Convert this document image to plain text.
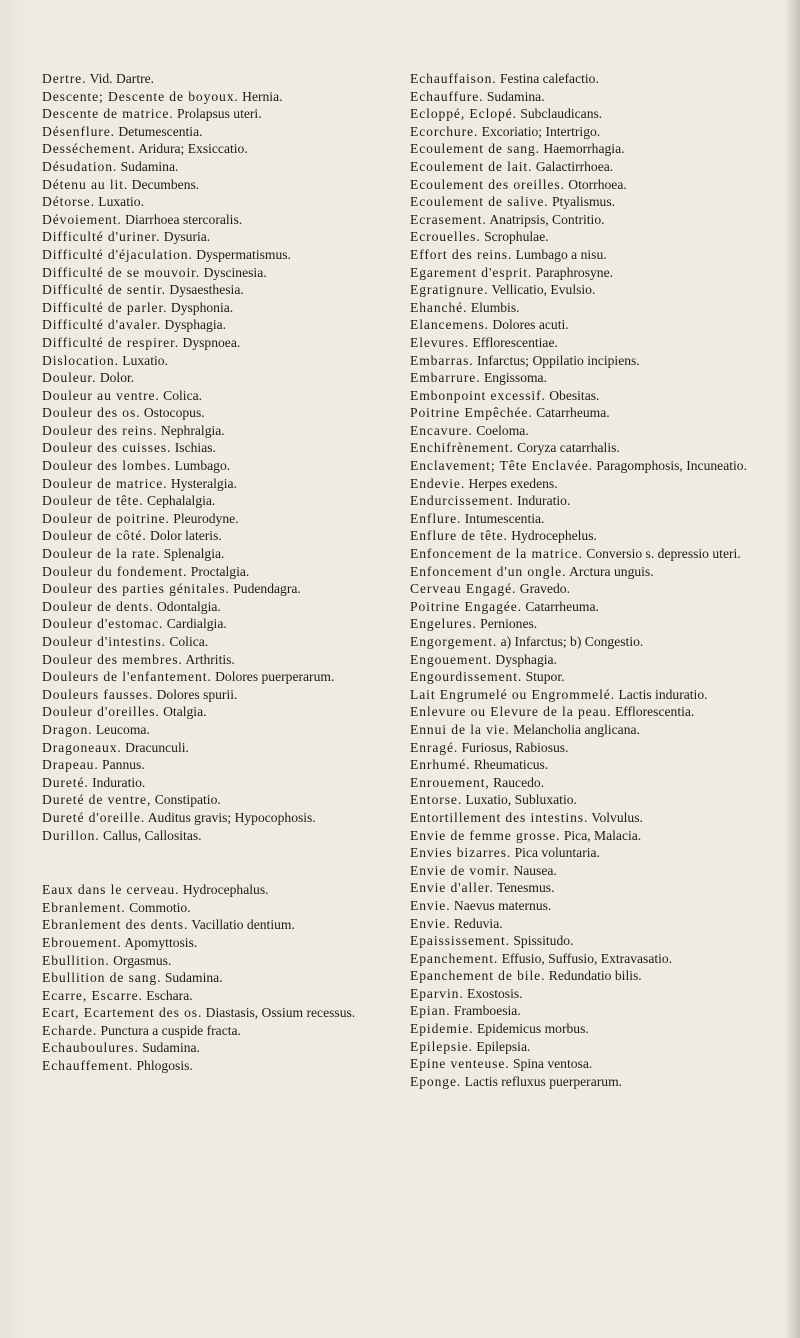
Dertre. Vid. Dartre.

Descente; Descente de boyoux. Hernia.

Descente de matrice. Prolapsus uteri.

Désenflure. Detumescentia.

Desséchement. Aridura; Exsiccatio.

Désudation. Sudamina.

Détenu au lit. Decumbens.

Détorse. Luxatio.

Dévoiement. Diarrhoea stercoralis.

Difficulté d'uriner. Dysuria.

Difficulté d'éjaculation. Dyspermatismus.

Difficulté de se mouvoir. Dyscinesia.

Difficulté de sentir. Dysaesthesia.

Difficulté de parler. Dysphonia.

Difficulté d'avaler. Dysphagia.

Difficulté de respirer. Dyspnoea.

Dislocation. Luxatio.

Douleur. Dolor.

Douleur au ventre. Colica.

Douleur des os. Ostocopus.

Douleur des reins. Nephralgia.

Douleur des cuisses. Ischias.

Douleur des lombes. Lumbago.

Douleur de matrice. Hysteralgia.

Douleur de tête. Cephalalgia.

Douleur de poitrine. Pleurodyne.

Douleur de côté. Dolor lateris.

Douleur de la rate. Splenalgia.

Douleur du fondement. Proctalgia.

Douleur des parties génitales. Pudendagra.

Douleur de dents. Odontalgia.

Douleur d'estomac. Cardialgia.

Douleur d'intestins. Colica.

Douleur des membres. Arthritis.

Douleurs de l'enfantement. Dolores puerperarum.

Douleurs fausses. Dolores spurii.

Douleur d'oreilles. Otalgia.

Dragon. Leucoma.

Dragoneaux. Dracunculi.

Drapeau. Pannus.

Dureté. Induratio.

Dureté de ventre, Constipatio.

Dureté d'oreille. Auditus gravis; Hypocophosis.

Durillon. Callus, Callositas.

Eaux dans le cerveau. Hydrocephalus.

Ebranlement. Commotio.

Ebranlement des dents. Vacillatio dentium.

Ebrouement. Apomyttosis.

Ebullition. Orgasmus.

Ebullition de sang. Sudamina.

Ecarre, Escarre. Eschara.

Ecart, Ecartement des os. Diastasis, Ossium recessus.

Echarde. Punctura a cuspide fracta.

Echauboulures. Sudamina.

Echauffement. Phlogosis.

Echauffaison. Festina calefactio.

Echauffure. Sudamina.

Ecloppé, Eclopé. Subclaudicans.

Ecorchure. Excoriatio; Intertrigo.

Ecoulement de sang. Haemorrhagia.

Ecoulement de lait. Galactirrhoea.

Ecoulement des oreilles. Otorrhoea.

Ecoulement de salive. Ptyalismus.

Ecrasement. Anatripsis, Contritio.

Ecrouelles. Scrophulae.

Effort des reins. Lumbago a nisu.

Egarement d'esprit. Paraphrosyne.

Egratignure. Vellicatio, Evulsio.

Ehanché. Elumbis.

Elancemens. Dolores acuti.

Elevures. Efflorescentiae.

Embarras. Infarctus; Oppilatio incipiens.

Embarrure. Engissoma.

Embonpoint excessif. Obesitas.

Poitrine Empêchée. Catarrheuma.

Encavure. Coeloma.

Enchifrènement. Coryza catarrhalis.

Enclavement; Tête Enclavée. Paragomphosis, Incuneatio.

Endevie. Herpes exedens.

Endurcissement. Induratio.

Enflure. Intumescentia.

Enflure de tête. Hydrocephelus.

Enfoncement de la matrice. Conversio s. depressio uteri.

Enfoncement d'un ongle. Arctura unguis.

Cerveau Engagé. Gravedo.

Poitrine Engagée. Catarrheuma.

Engelures. Perniones.

Engorgement. a) Infarctus; b) Congestio.

Engouement. Dysphagia.

Engourdissement. Stupor.

Lait Engrumelé ou Engrommelé. Lactis induratio.

Enlevure ou Elevure de la peau. Efflorescentia.

Ennui de la vie. Melancholia anglicana.

Enragé. Furiosus, Rabiosus.

Enrhumé. Rheumaticus.

Enrouement, Raucedo.

Entorse. Luxatio, Subluxatio.

Entortillement des intestins. Volvulus.

Envie de femme grosse. Pica, Malacia.

Envies bizarres. Pica voluntaria.

Envie de vomir. Nausea.

Envie d'aller. Tenesmus.

Envie. Naevus maternus.

Envie. Reduvia.

Epaississement. Spissitudo.

Epanchement. Effusio, Suffusio, Extravasatio.

Epanchement de bile. Redundatio bilis.

Eparvin. Exostosis.

Epian. Framboesia.

Epidemie. Epidemicus morbus.

Epilepsie. Epilepsia.

Epine venteuse. Spina ventosa.

Eponge. Lactis refluxus puerperarum.
